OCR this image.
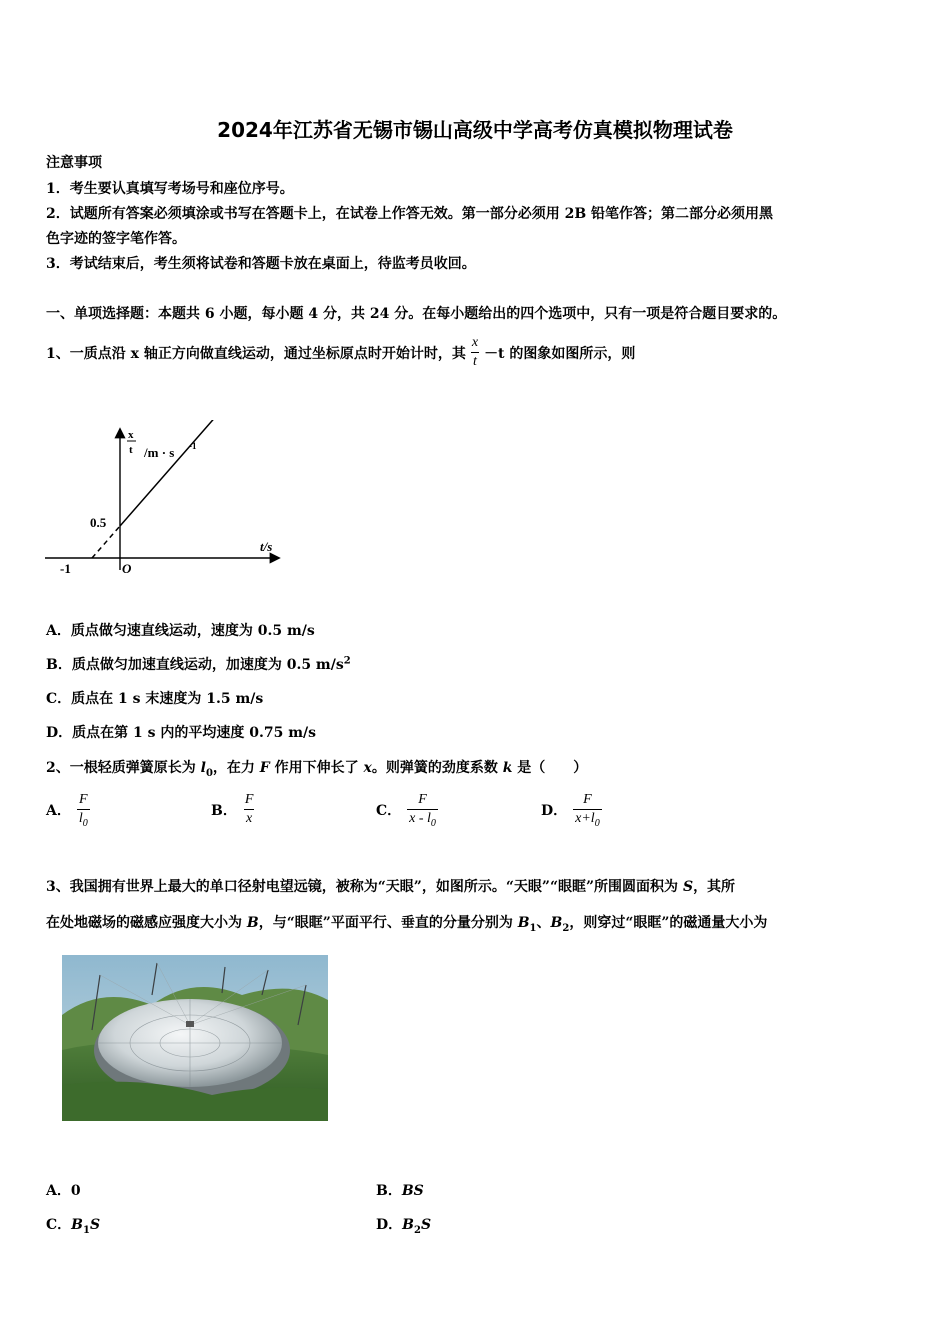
2024年江苏省无锡市锡山高级中学高考仿真模拟物理试卷
注意事项
1．考生要认真填写考场号和座位序号。
2．试题所有答案必须填涂或书写在答题卡上，在试卷上作答无效。第一部分必须用 2B 铅笔作答；第二部分必须用黑
色字迹的签字笔作答。
3．考试结束后，考生须将试卷和答题卡放在桌面上，待监考员收回。
一、单项选择题：本题共 6 小题，每小题 4 分，共 24 分。在每小题给出的四个选项中，只有一项是符合题目要求的。
1、一质点沿 x 轴正方向做直线运动，通过坐标原点时开始计时，其 $\frac{x}{t} -t$ 的图象如图所示，则
x
t /m · s -1
t/s
0.5
-1	O
A．质点做匀速直线运动，速度为 0.5 m/s
B．质点做匀加速直线运动，加速度为 0.5 $m/s^2$
C．质点在 1 s 末速度为 1.5 m/s
D．质点在第 1 s 内的平均速度 0.75 m/s
2、一根轻质弹簧原长为 $l_0$，在力 F 作用下伸长了 x。则弹簧的劲度系数 k 是（　　）
A． $\frac{F}{l_0}$	B． $\frac{F}{x}$	C． $\frac{F}{x - l_0}$	D． $\frac{F}{x+l_0}$
3、我国拥有世界上最大的单口径射电望远镜，被称为“天眼”，如图所示。“天眼”“眼眶”所围圆面积为 S，其所
在处地磁场的磁感应强度大小为 B，与“眼眶”平面平行、垂直的分量分别为 $B_1$、$B_2$，则穿过“眼眶”的磁通量大小为
A．0	B．BS
C．$B_1S$	D．$B_2S$
